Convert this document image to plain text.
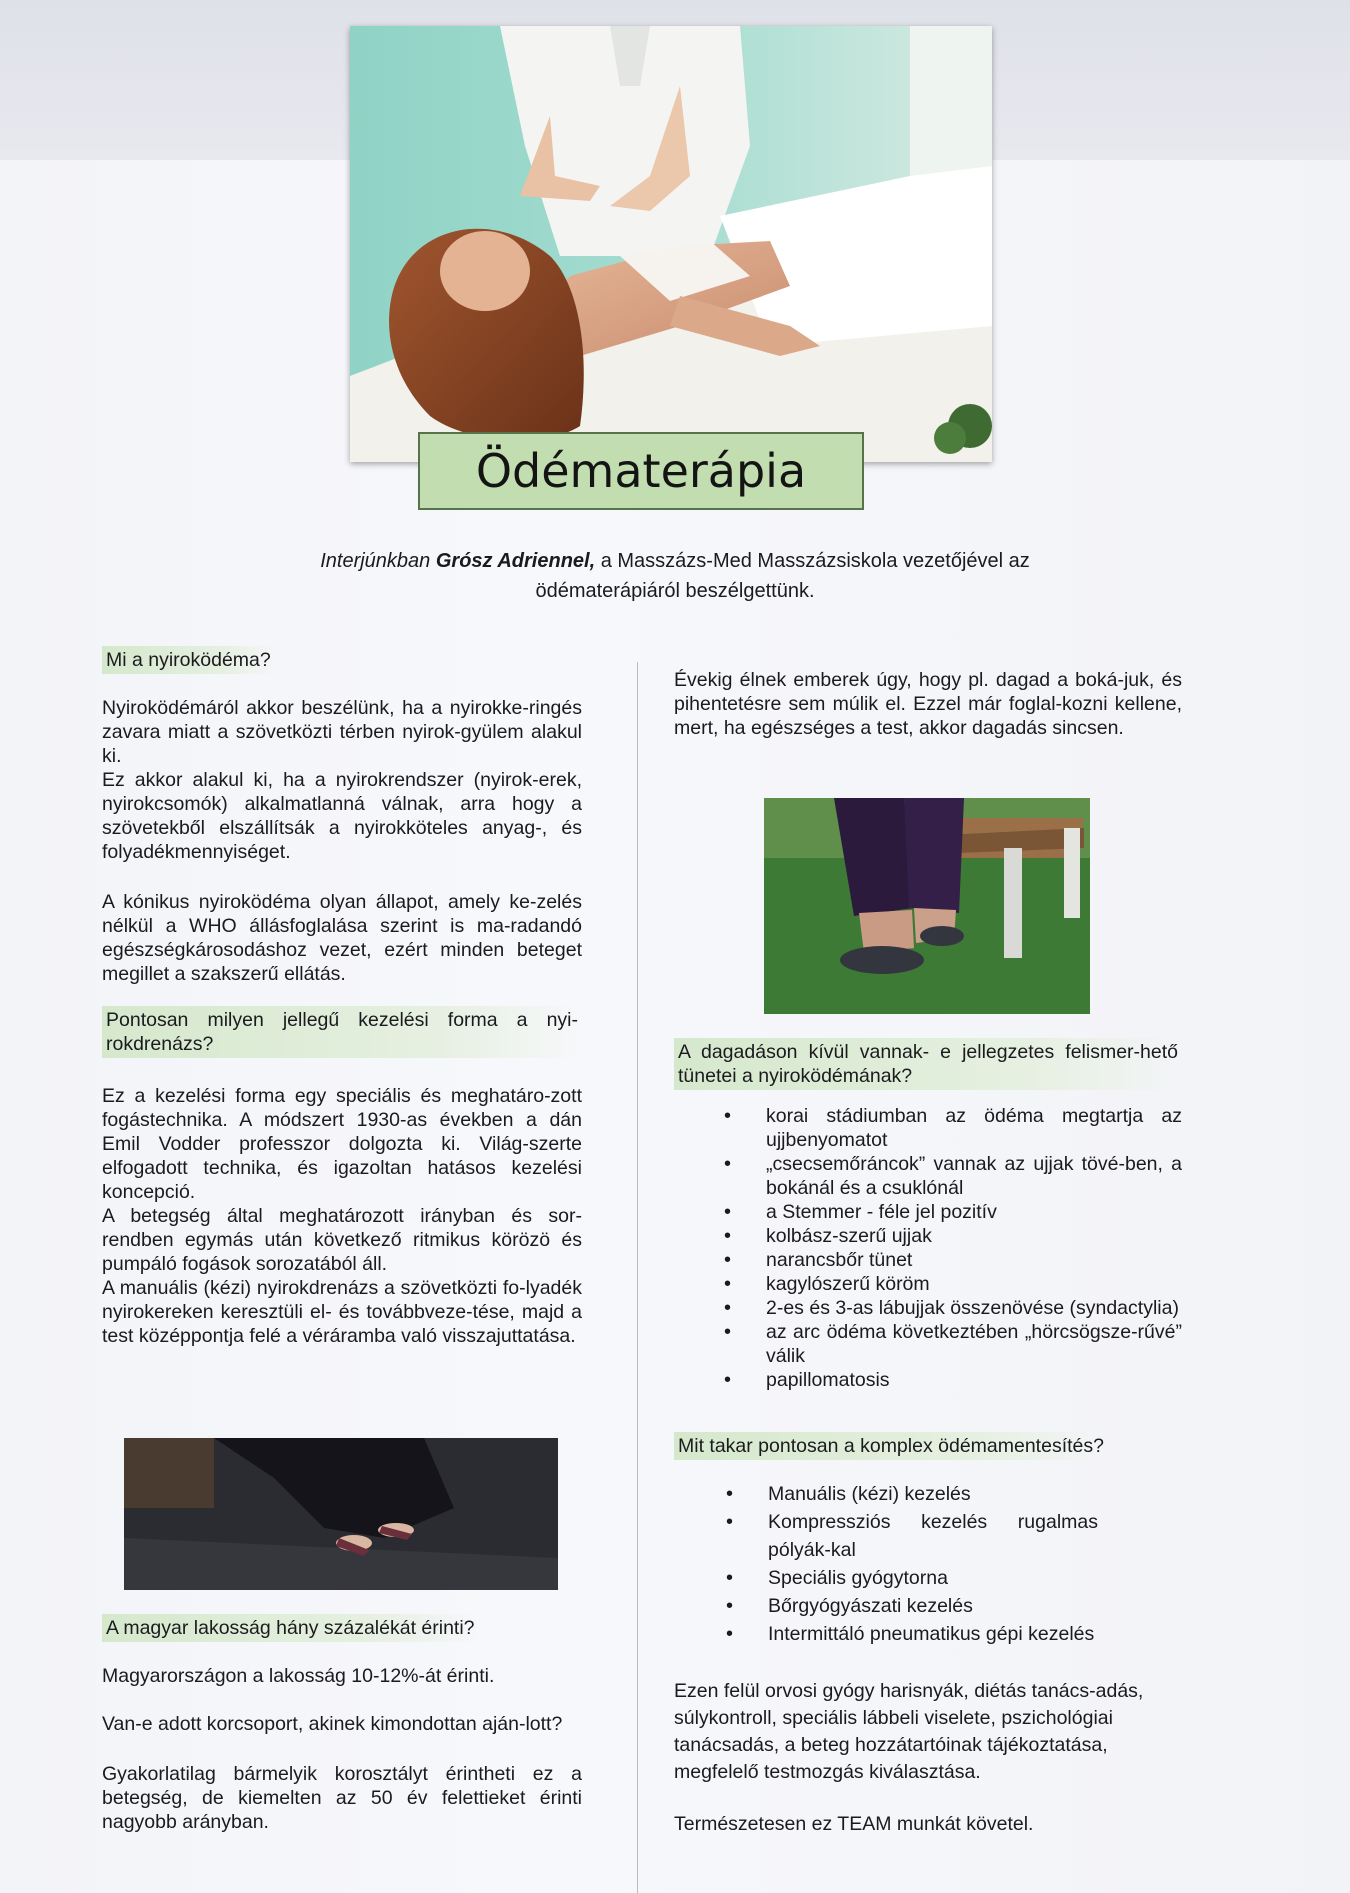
Ödématerápia
Interjúnkban Grósz Adriennel, a Masszázs-Med Masszázsiskola vezetőjével az
ödématerápiáról beszélgettünk.
Mi a nyiroködéma?

Nyiroködémáról akkor beszélünk, ha a nyirokke-ringés zavara miatt a szövetközti térben nyirok-gyülem alakul ki.

Ez akkor alakul ki, ha a nyirokrendszer (nyirok-erek, nyirokcsomók) alkalmatlanná válnak, arra hogy a szövetekből elszállítsák a nyirokköteles anyag-, és folyadékmennyiséget.

A kónikus nyiroködéma olyan állapot, amely ke-zelés nélkül a WHO állásfoglalása szerint is ma-radandó egészségkárosodáshoz vezet, ezért minden beteget megillet a szakszerű ellátás.

Pontosan milyen jellegű kezelési forma a nyi-rokdrenázs?

Ez a kezelési forma egy speciális és meghatáro-zott fogástechnika. A módszert 1930-as években a dán Emil Vodder professzor dolgozta ki. Világ-szerte elfogadott technika, és igazoltan hatásos kezelési koncepció.

A betegség által meghatározott irányban és sor-rendben egymás után következő ritmikus körözö és pumpáló fogások sorozatából áll.

A manuális (kézi) nyirokdrenázs a szövetközti fo-lyadék nyirokereken keresztüli el- és továbbveze-tése, majd a test középpontja felé a véráramba való visszajuttatása.

A magyar lakosság hány százalékát érinti?

Magyarországon a lakosság 10-12%-át érinti.

Van-e adott korcsoport, akinek kimondottan aján-lott?

Gyakorlatilag bármelyik korosztályt érintheti ez a betegség, de kiemelten az 50 év felettieket érinti nagyobb arányban.

Évekig élnek emberek úgy, hogy pl. dagad a boká-juk, és pihentetésre sem múlik el. Ezzel már foglal-kozni kellene, mert, ha egészséges a test, akkor dagadás sincsen.

A dagadáson kívül vannak- e jellegzetes felismer-hető tünetei a nyiroködémának?
• korai stádiumban az ödéma megtartja az ujjbenyomatot
• „csecsemőráncok” vannak az ujjak tövé-ben, a bokánál és a csuklónál
• a Stemmer - féle jel pozitív
• kolbász-szerű ujjak
• narancsbőr tünet
• kagylószerű köröm
• 2-es és 3-as lábujjak összenövése (syndactylia)
• az arc ödéma következtében „hörcsögsze-rűvé” válik
• papillomatosis
Mit takar pontosan a komplex ödémamentesítés?
• Manuális (kézi) kezelés
• Kompressziós kezelés rugalmas pólyák-kal
• Speciális gyógytorna
• Bőrgyógyászati kezelés
• Intermittáló pneumatikus gépi kezelés

Ezen felül orvosi gyógy harisnyák, diétás tanács-adás, súlykontroll, speciális lábbeli viselete, pszichológiai tanácsadás, a beteg hozzátartóinak tájékoztatása, megfelelő testmozgás kiválasztása.

Természetesen ez TEAM munkát követel.
